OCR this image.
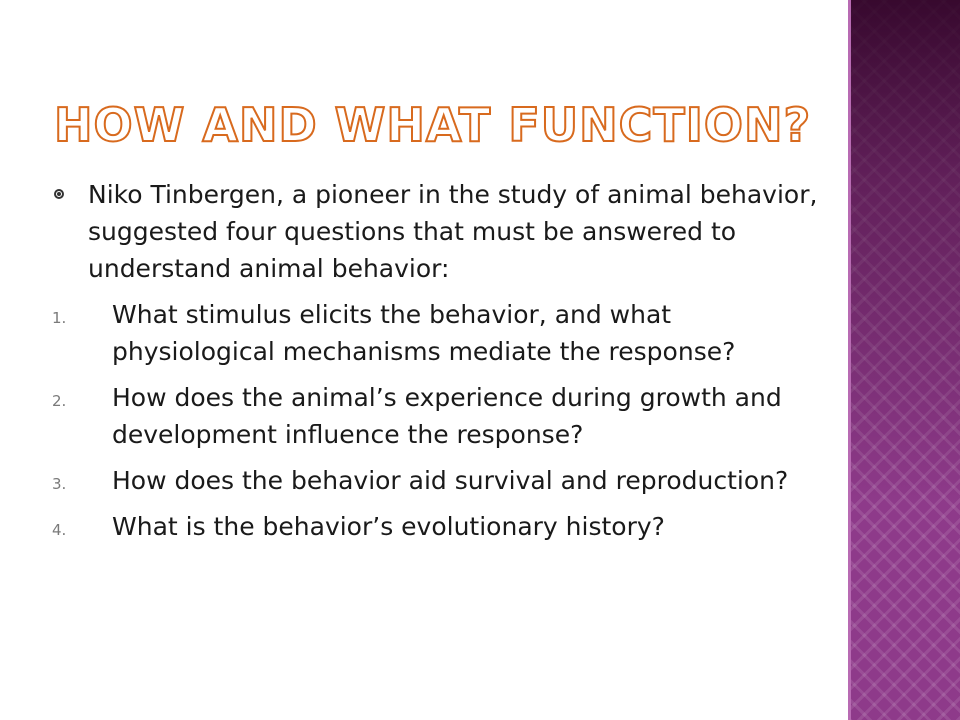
HOW AND WHAT FUNCTION?

Niko Tinbergen, a pioneer in the study of animal behavior, suggested four questions that must be answered to understand animal behavior:

1. What stimulus elicits the behavior, and what physiological mechanisms mediate the response?
2. How does the animal’s experience during growth and development influence the response?
3. How does the behavior aid survival and reproduction?
4. What is the behavior’s evolutionary history?
